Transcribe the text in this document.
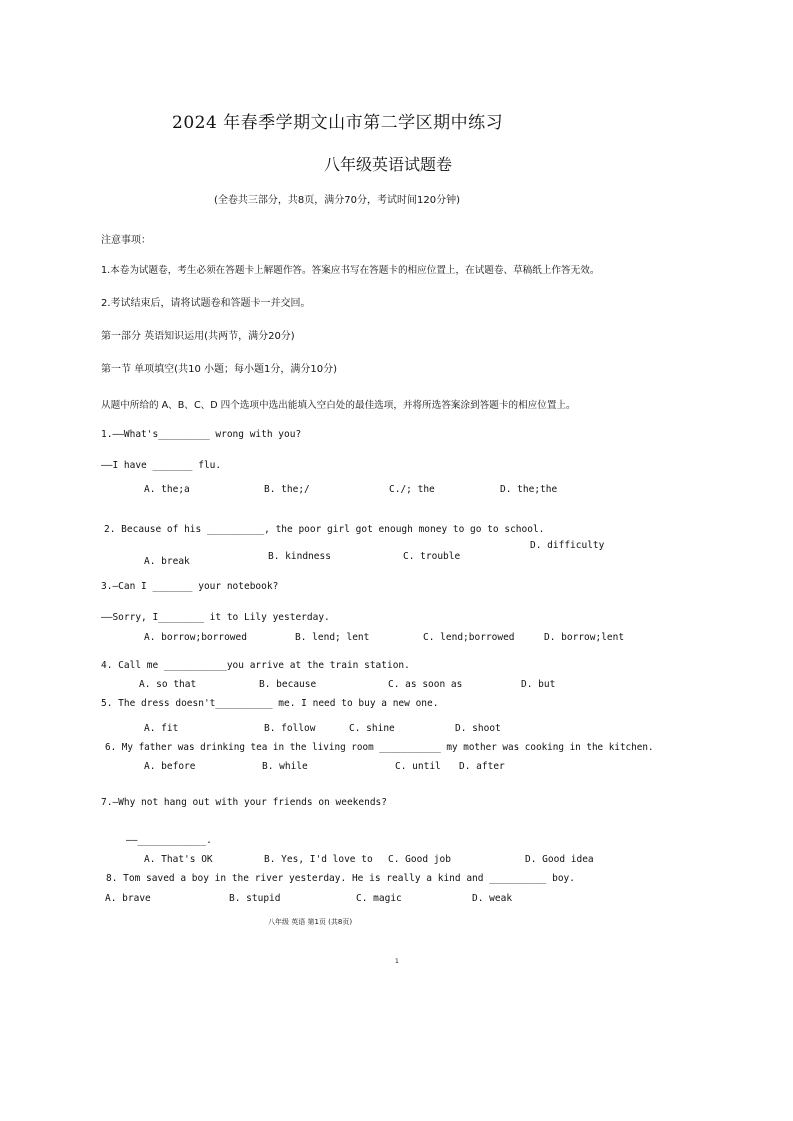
2024 年春季学期文山市第二学区期中练习
八年级英语试题卷
(全卷共三部分，共8页，满分70分，考试时间120分钟)
注意事项：
1.本卷为试题卷，考生必须在答题卡上解题作答。答案应书写在答题卡的相应位置上，在试题卷、草稿纸上作答无效。
2.考试结束后，请将试题卷和答题卡一并交回。
第一部分 英语知识运用(共两节，满分20分)
第一节 单项填空(共10 小题；每小题1分，满分10分)
从题中所给的 A、B、C、D 四个选项中选出能填入空白处的最佳选项，并将所选答案涂到答题卡的相应位置上。
1.——What's_________ wrong with you?
——I have _______ flu.
A. the;a	B. the;/	C./; the	D. the;the
2. Because of his __________, the poor girl got enough money to go to school.
A. break	B. kindness	C. trouble
D. difficulty
3.—Can I _______ your notebook?
——Sorry, I________ it to Lily yesterday.
A. borrow;borrowed	B. lend; lent	C. lend;borrowed	D. borrow;lent
4. Call me ___________you arrive at the train station.
A. so that	B. because	C. as soon as	D. but
5. The dress doesn't__________ me. I need to buy a new one.
A. fit	B. follow	C. shine	D. shoot
6. My father was drinking tea in the living room ___________ my mother was cooking in the kitchen.
A. before	B. while	C. until D. after
7.—Why not hang out with your friends on weekends?
——____________.
A. That's OK	B. Yes, I'd love to C. Good job	D. Good idea
8. Tom saved a boy in the river yesterday. He is really a kind and __________ boy.
A. brave	B. stupid	C. magic	D. weak
八年级 英语 第1页 (共8页)
1
